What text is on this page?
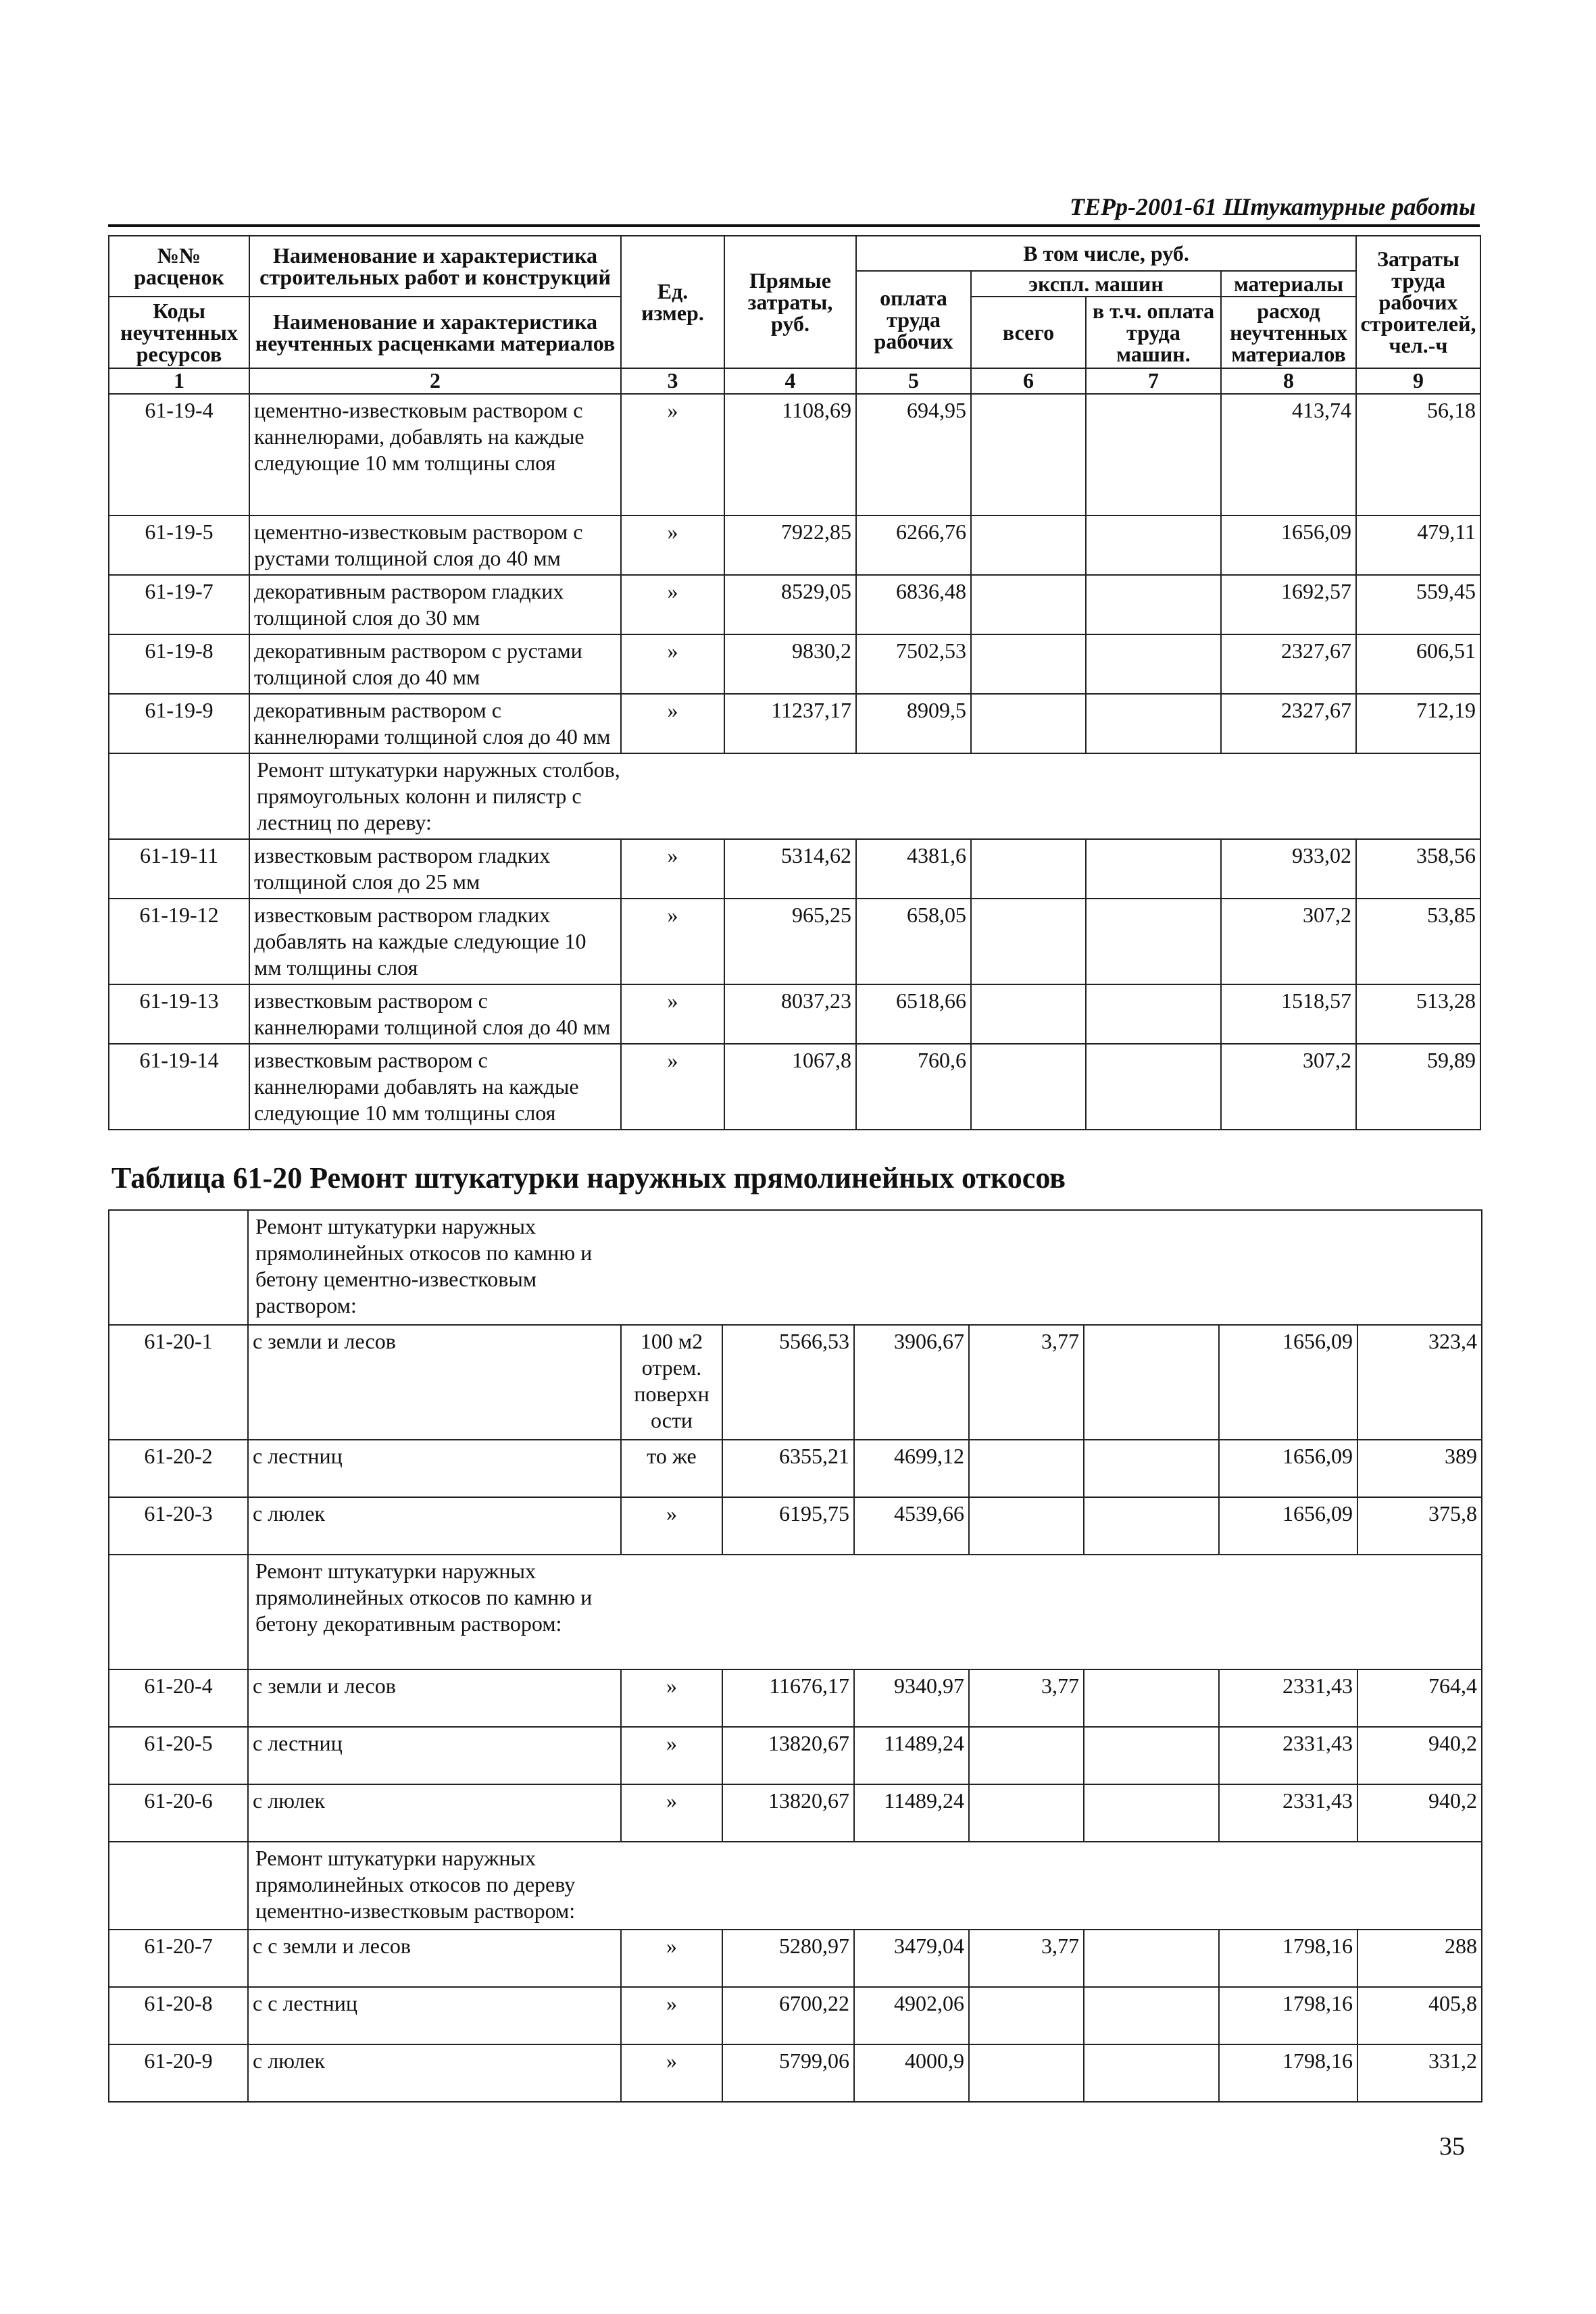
ТЕРр-2001-61 Штукатурные работы
№№ расценок	Наименование и характеристика строительных работ и конструкций	Ед. измер.	Прямые затраты, руб.	В том числе, руб.				Затраты труда рабочих строителей, чел.-ч
				оплата труда рабочих	экспл. машин		материалы	
Коды неучтенных ресурсов	Наименование и характеристика неучтенных расценками материалов				всего	в т.ч. оплата труда машин.	расход неучтенных материалов	

1	2	3	4	5	6	7	8	9
61-19-4	цементно-известковым раствором с каннелюрами, добавлять на каждые следующие 10 мм толщины слоя	»	1108,69	694,95			413,74	56,18
61-19-5	цементно-известковым раствором с рустами толщиной слоя до 40 мм	»	7922,85	6266,76			1656,09	479,11
61-19-7	декоративным раствором гладких толщиной слоя до 30 мм	»	8529,05	6836,48			1692,57	559,45
61-19-8	декоративным раствором с рустами толщиной слоя до 40 мм	»	9830,2	7502,53			2327,67	606,51
61-19-9	декоративным раствором с каннелюрами толщиной слоя до 40 мм	»	11237,17	8909,5			2327,67	712,19

	Ремонт штукатурки наружных столбов, прямоугольных колонн и пилястр с лестниц по дереву:							

61-19-11	известковым раствором гладких толщиной слоя до 25 мм	»	5314,62	4381,6			933,02	358,56
61-19-12	известковым раствором гладких добавлять на каждые следующие 10 мм толщины слоя	»	965,25	658,05			307,2	53,85
61-19-13	известковым раствором с каннелюрами толщиной слоя до 40 мм	»	8037,23	6518,66			1518,57	513,28
61-19-14	известковым раствором с каннелюрами добавлять на каждые следующие 10 мм толщины слоя	»	1067,8	760,6			307,2	59,89
Таблица 61-20 Ремонт штукатурки наружных прямолинейных откосов

	Ремонт штукатурки наружных прямолинейных откосов по камню и бетону цементно-известковым раствором:							

61-20-1	с земли и лесов	100 м2 отрем. поверхн ости	5566,53	3906,67	3,77		1656,09	323,4
61-20-2	с лестниц	то же	6355,21	4699,12			1656,09	389
61-20-3	с люлек	»	6195,75	4539,66			1656,09	375,8

	Ремонт штукатурки наружных прямолинейных откосов по камню и бетону декоративным раствором:							

61-20-4	с земли и лесов	»	11676,17	9340,97	3,77		2331,43	764,4
61-20-5	с лестниц	»	13820,67	11489,24			2331,43	940,2
61-20-6	с люлек	»	13820,67	11489,24			2331,43	940,2

	Ремонт штукатурки наружных прямолинейных откосов по дереву цементно-известковым раствором:							

61-20-7	с с земли и лесов	»	5280,97	3479,04	3,77		1798,16	288
61-20-8	с с лестниц	»	6700,22	4902,06			1798,16	405,8
61-20-9	с люлек	»	5799,06	4000,9			1798,16	331,2
35
